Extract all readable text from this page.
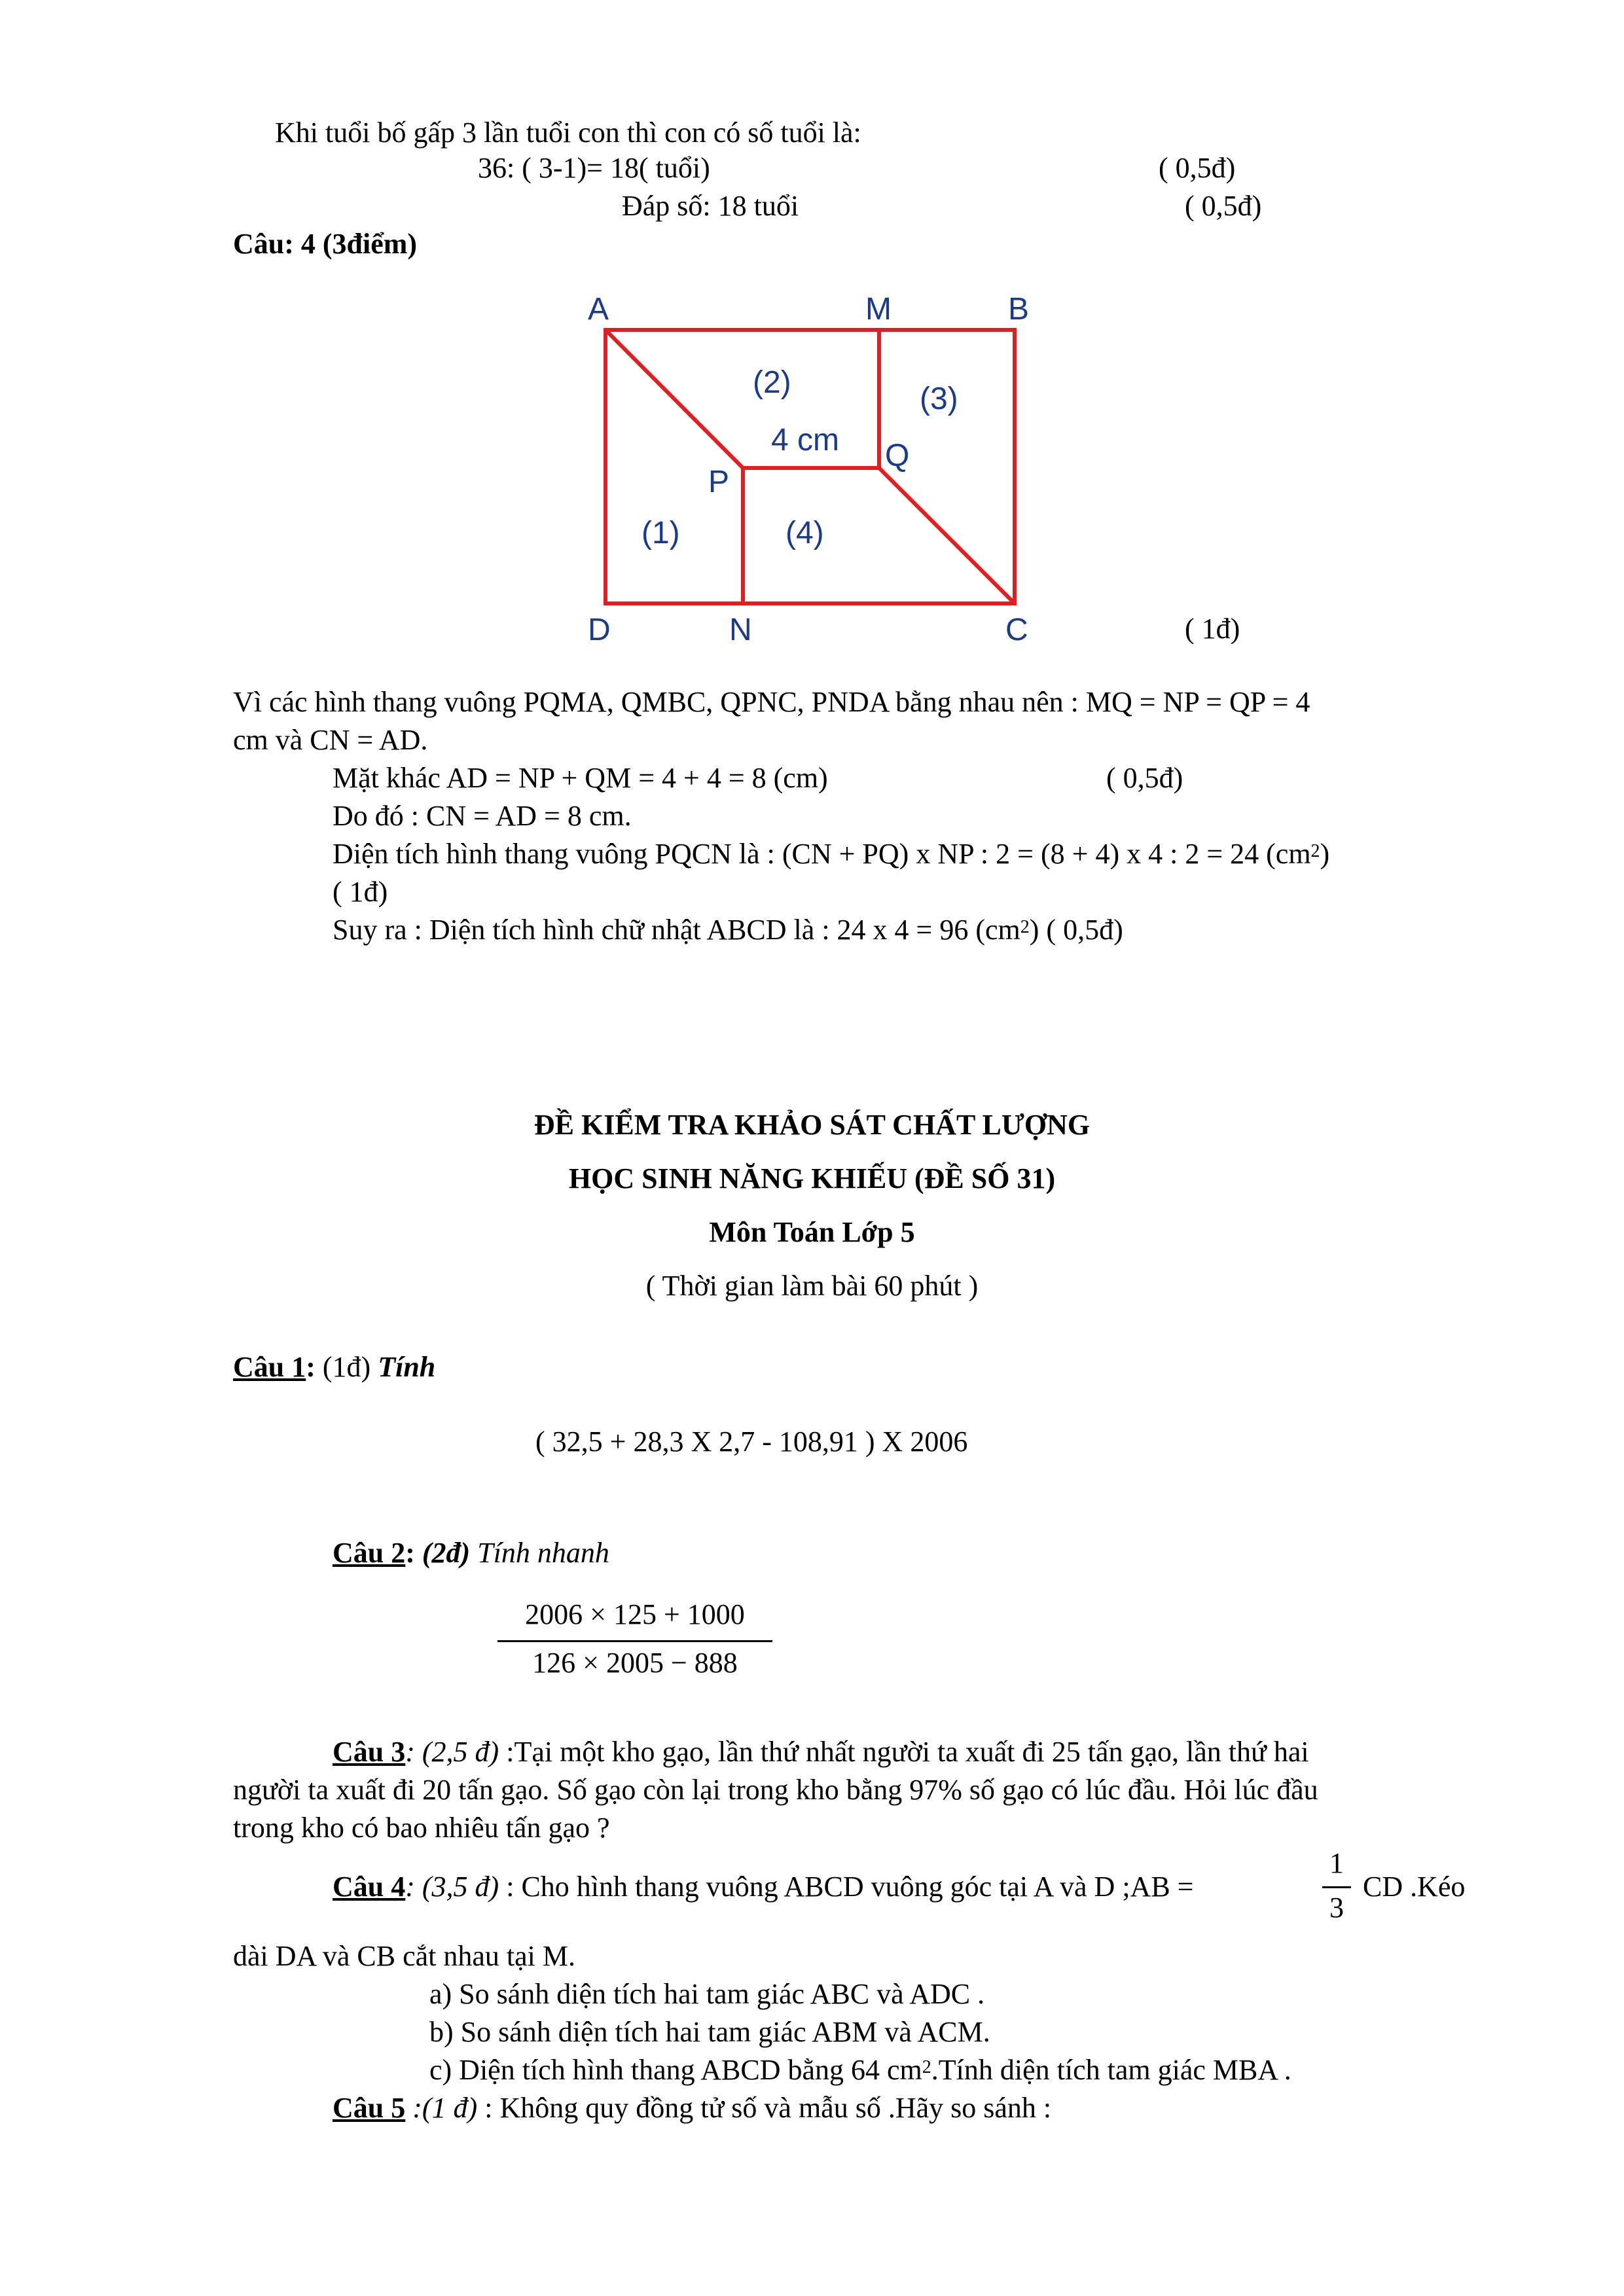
Khi tuổi bố gấp 3 lần tuổi con thì con có số tuổi là:
36: ( 3-1)= 18( tuổi)	( 0,5đ)
Đáp số: 18 tuổi	( 0,5đ)
Câu: 4 (3điểm)
A	M	B
D	N	C
P
Q
(1)
(2)	(3)
(4)
4 cm
( 1đ)
Vì các hình thang vuông PQMA, QMBC, QPNC, PNDA bằng nhau nên : MQ = NP = QP = 4
cm và CN = AD.
Mặt khác AD = NP + QM = 4 + 4 = 8 (cm)	( 0,5đ)
Do đó : CN = AD = 8 cm.
Diện tích hình thang vuông PQCN là : (CN + PQ) x NP : 2 = (8 + 4) x 4 : 2 = 24 $(cm^2)$
( 1đ)
Suy ra : Diện tích hình chữ nhật ABCD là : 24 x 4 = 96 $(cm^2)$ ( 0,5đ)
ĐỀ KIỂM TRA KHẢO SÁT CHẤT LƯỢNG
HỌC SINH NĂNG KHIẾU (ĐỀ SỐ 31)
Môn Toán Lớp 5
( Thời gian làm bài 60 phút )
Câu 1: (1đ) Tính
( 32,5 + 28,3 X 2,7 - 108,91 ) X 2006
Câu 2: (2đ) Tính nhanh
2006 × 125 + 1000
126 × 2005 − 888
Câu 3: (2,5 đ) :Tại một kho gạo, lần thứ nhất người ta xuất đi 25 tấn gạo, lần thứ hai
người ta xuất đi 20 tấn gạo. Số gạo còn lại trong kho bằng 97% số gạo có lúc đầu. Hỏi lúc đầu
trong kho có bao nhiêu tấn gạo ?
Câu 4: (3,5 đ) : Cho hình thang vuông ABCD vuông góc tại A và D ;AB =
1
3
CD .Kéo
dài DA và CB cắt nhau tại M.
a) So sánh diện tích hai tam giác ABC và ADC .
b) So sánh diện tích hai tam giác ABM và ACM.
c) Diện tích hình thang ABCD bằng 64 $cm^2.Tính$ diện tích tam giác MBA .
Câu 5 :(1 đ) : Không quy đồng tử số và mẫu số .Hãy so sánh :
